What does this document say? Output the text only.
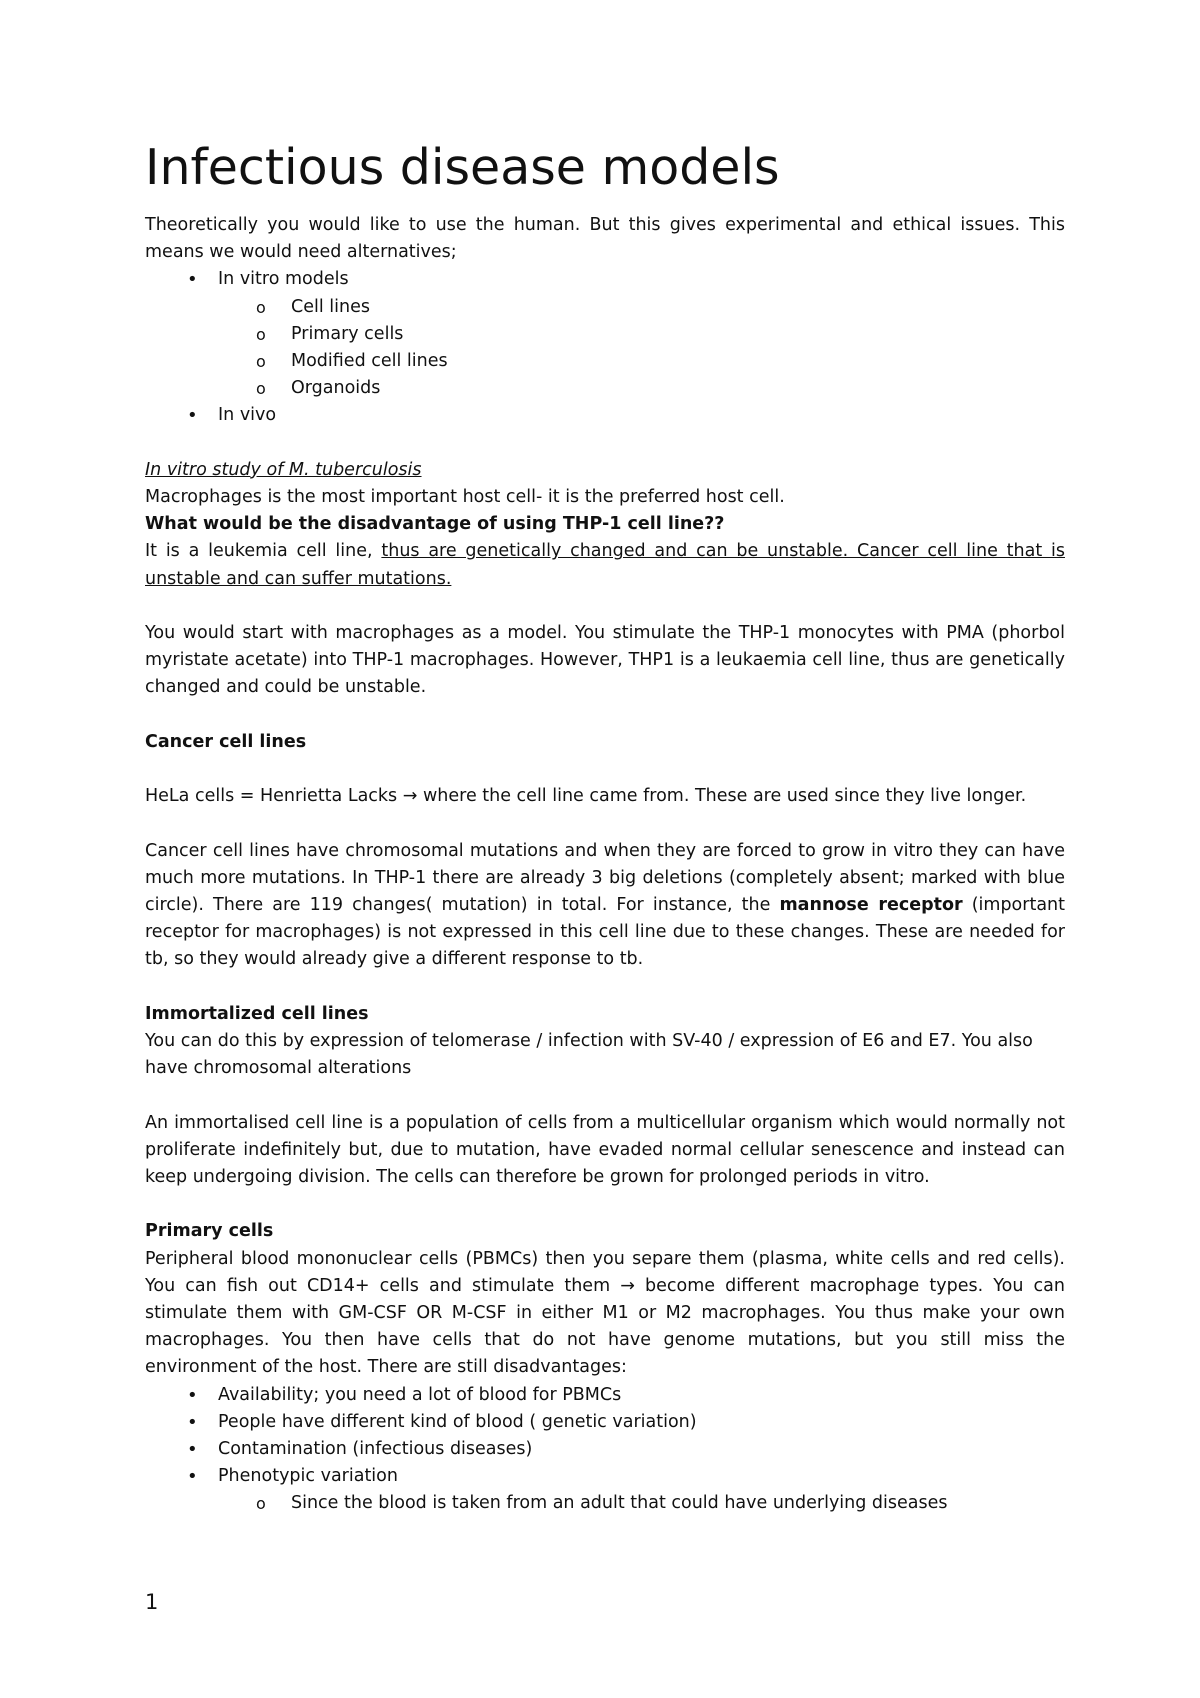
Infectious disease models

Theoretically you would like to use the human. But this gives experimental and ethical issues. This means we would need alternatives;

• In vitro models
o Cell lines
o Primary cells
o Modified cell lines
o Organoids
• In vivo

In vitro study of M. tuberculosis

Macrophages is the most important host cell- it is the preferred host cell.

What would be the disadvantage of using THP-1 cell line??

It is a leukemia cell line, thus are genetically changed and can be unstable. Cancer cell line that is unstable and can suffer mutations.

You would start with macrophages as a model. You stimulate the THP-1 monocytes with PMA (phorbol myristate acetate) into THP-1 macrophages. However, THP1 is a leukaemia cell line, thus are genetically changed and could be unstable.

Cancer cell lines

HeLa cells = Henrietta Lacks → where the cell line came from. These are used since they live longer.

Cancer cell lines have chromosomal mutations and when they are forced to grow in vitro they can have much more mutations. In THP-1 there are already 3 big deletions (completely absent; marked with blue circle). There are 119 changes( mutation) in total. For instance, the mannose receptor (important receptor for macrophages) is not expressed in this cell line due to these changes. These are needed for tb, so they would already give a different response to tb.

Immortalized cell lines

You can do this by expression of telomerase / infection with SV-40 / expression of E6 and E7. You also have chromosomal alterations

An immortalised cell line is a population of cells from a multicellular organism which would normally not proliferate indefinitely but, due to mutation, have evaded normal cellular senescence and instead can keep undergoing division. The cells can therefore be grown for prolonged periods in vitro.

Primary cells

Peripheral blood mononuclear cells (PBMCs) then you separe them (plasma, white cells and red cells). You can fish out CD14+ cells and stimulate them → become different macrophage types. You can stimulate them with GM-CSF OR M-CSF in either M1 or M2 macrophages. You thus make your own macrophages. You then have cells that do not have genome mutations, but you still miss the environment of the host. There are still disadvantages:

• Availability; you need a lot of blood for PBMCs
• People have different kind of blood ( genetic variation)
• Contamination (infectious diseases)
• Phenotypic variation
o Since the blood is taken from an adult that could have underlying diseases
1
